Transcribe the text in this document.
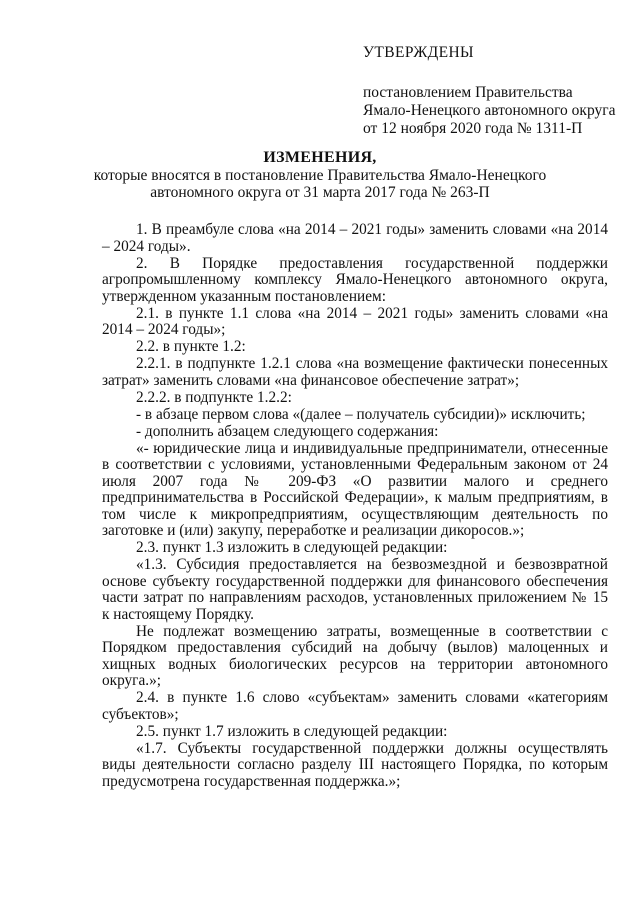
УТВЕРЖДЕНЫ
постановлением Правительства
Ямало-Ненецкого автономного округа
от 12 ноября 2020 года № 1311-П
ИЗМЕНЕНИЯ,
которые вносятся в постановление Правительства Ямало-Ненецкого
автономного округа от 31 марта 2017 года № 263-П

1. В преамбуле слова «на 2014 – 2021 годы» заменить словами «на 2014 – 2024 годы».

2. В Порядке предоставления государственной поддержки агропромышленному комплексу Ямало-Ненецкого автономного округа, утвержденном указанным постановлением:

2.1. в пункте 1.1 слова «на 2014 – 2021 годы» заменить словами «на 2014 – 2024 годы»;

2.2. в пункте 1.2:

2.2.1. в подпункте 1.2.1 слова «на возмещение фактически понесенных затрат» заменить словами «на финансовое обеспечение затрат»;

2.2.2. в подпункте 1.2.2:

- в абзаце первом слова «(далее – получатель субсидии)» исключить;

- дополнить абзацем следующего содержания:

«- юридические лица и индивидуальные предприниматели, отнесенные в соответствии с условиями, установленными Федеральным законом от 24 июля 2007 года № 209-ФЗ «О развитии малого и среднего предпринимательства в Российской Федерации», к малым предприятиям, в том числе к микропредприятиям, осуществляющим деятельность по заготовке и (или) закупу, переработке и реализации дикоросов.»;

2.3. пункт 1.3 изложить в следующей редакции:

«1.3. Субсидия предоставляется на безвозмездной и безвозвратной основе субъекту государственной поддержки для финансового обеспечения части затрат по направлениям расходов, установленных приложением № 15 к настоящему Порядку.

Не подлежат возмещению затраты, возмещенные в соответствии с Порядком предоставления субсидий на добычу (вылов) малоценных и хищных водных биологических ресурсов на территории автономного округа.»;

2.4. в пункте 1.6 слово «субъектам» заменить словами «категориям субъектов»;

2.5. пункт 1.7 изложить в следующей редакции:

«1.7. Субъекты государственной поддержки должны осуществлять виды деятельности согласно разделу III настоящего Порядка, по которым предусмотрена государственная поддержка.»;
